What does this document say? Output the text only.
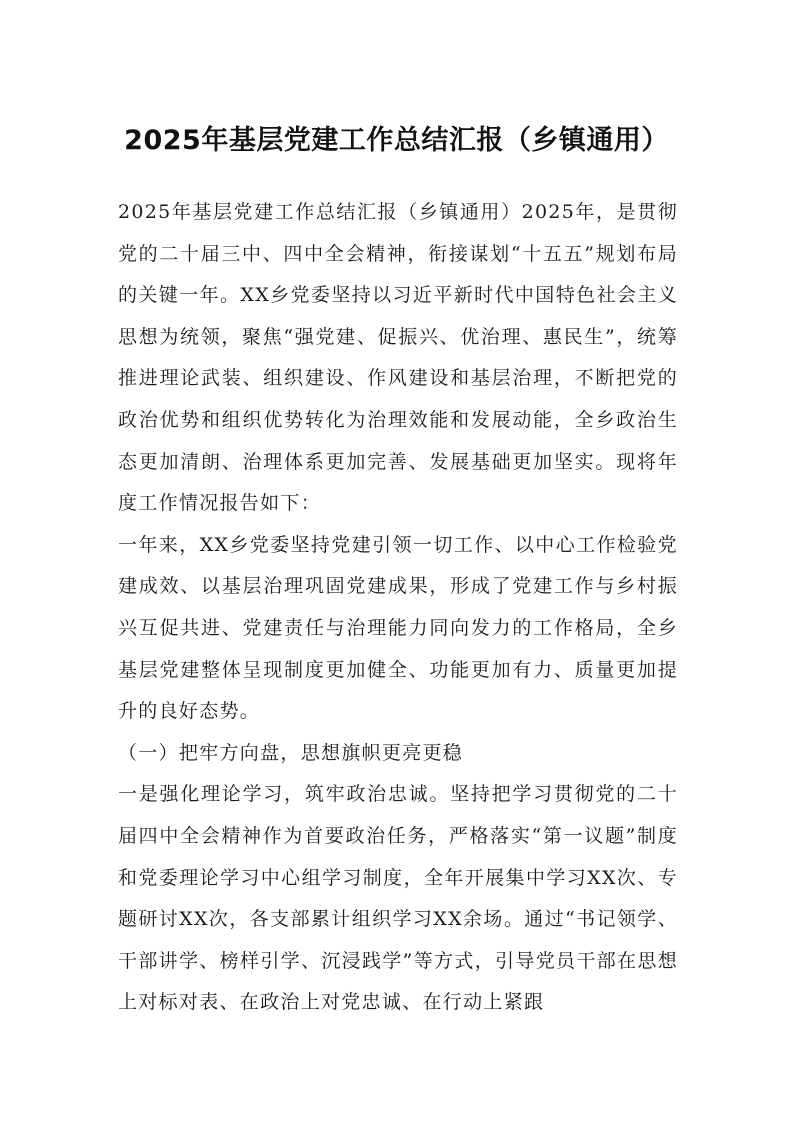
2025年基层党建工作总结汇报（乡镇通用）

2025年基层党建工作总结汇报（乡镇通用）2025年，是贯彻党的二十届三中、四中全会精神，衔接谋划“十五五”规划布局的关键一年。XX乡党委坚持以习近平新时代中国特色社会主义思想为统领，聚焦“强党建、促振兴、优治理、惠民生”，统筹推进理论武装、组织建设、作风建设和基层治理，不断把党的政治优势和组织优势转化为治理效能和发展动能，全乡政治生态更加清朗、治理体系更加完善、发展基础更加坚实。现将年度工作情况报告如下：

一年来，XX乡党委坚持党建引领一切工作、以中心工作检验党建成效、以基层治理巩固党建成果，形成了党建工作与乡村振兴互促共进、党建责任与治理能力同向发力的工作格局，全乡基层党建整体呈现制度更加健全、功能更加有力、质量更加提升的良好态势。

（一）把牢方向盘，思想旗帜更亮更稳

一是强化理论学习，筑牢政治忠诚。坚持把学习贯彻党的二十届四中全会精神作为首要政治任务，严格落实“第一议题”制度和党委理论学习中心组学习制度，全年开展集中学习XX次、专题研讨XX次，各支部累计组织学习XX余场。通过“书记领学、干部讲学、榜样引学、沉浸践学”等方式，引导党员干部在思想上对标对表、在政治上对党忠诚、在行动上紧跟
